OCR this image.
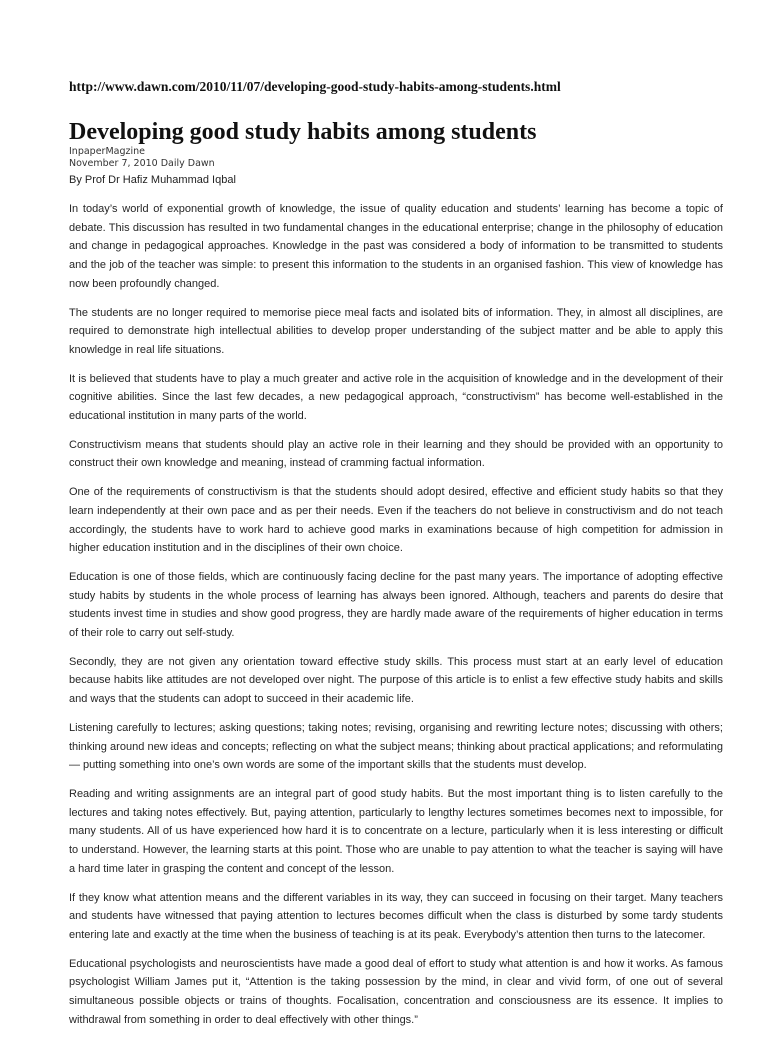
http://www.dawn.com/2010/11/07/developing-good-study-habits-among-students.html
Developing good study habits among students
InpaperMagzine
November 7, 2010 Daily Dawn
By Prof Dr Hafiz Muhammad Iqbal

In today’s world of exponential growth of knowledge, the issue of quality education and students’ learning has become a topic of debate. This discussion has resulted in two fundamental changes in the educational enterprise; change in the philosophy of education and change in pedagogical approaches. Knowledge in the past was considered a body of information to be transmitted to students and the job of the teacher was simple: to present this information to the students in an organised fashion. This view of knowledge has now been profoundly changed.

The students are no longer required to memorise piece meal facts and isolated bits of information. They, in almost all disciplines, are required to demonstrate high intellectual abilities to develop proper understanding of the subject matter and be able to apply this knowledge in real life situations.

It is believed that students have to play a much greater and active role in the acquisition of knowledge and in the development of their cognitive abilities. Since the last few decades, a new pedagogical approach, “constructivism” has become well-established in the educational institution in many parts of the world.

Constructivism means that students should play an active role in their learning and they should be provided with an opportunity to construct their own knowledge and meaning, instead of cramming factual information.

One of the requirements of constructivism is that the students should adopt desired, effective and efficient study habits so that they learn independently at their own pace and as per their needs. Even if the teachers do not believe in constructivism and do not teach accordingly, the students have to work hard to achieve good marks in examinations because of high competition for admission in higher education institution and in the disciplines of their own choice.

Education is one of those fields, which are continuously facing decline for the past many years. The importance of adopting effective study habits by students in the whole process of learning has always been ignored. Although, teachers and parents do desire that students invest time in studies and show good progress, they are hardly made aware of the requirements of higher education in terms of their role to carry out self-study.

Secondly, they are not given any orientation toward effective study skills. This process must start at an early level of education because habits like attitudes are not developed over night. The purpose of this article is to enlist a few effective study habits and skills and ways that the students can adopt to succeed in their academic life.

Listening carefully to lectures; asking questions; taking notes; revising, organising and rewriting lecture notes; discussing with others; thinking around new ideas and concepts; reflecting on what the subject means; thinking about practical applications; and reformulating — putting something into one’s own words are some of the important skills that the students must develop.

Reading and writing assignments are an integral part of good study habits. But the most important thing is to listen carefully to the lectures and taking notes effectively. But, paying attention, particularly to lengthy lectures sometimes becomes next to impossible, for many students. All of us have experienced how hard it is to concentrate on a lecture, particularly when it is less interesting or difficult to understand. However, the learning starts at this point. Those who are unable to pay attention to what the teacher is saying will have a hard time later in grasping the content and concept of the lesson.

If they know what attention means and the different variables in its way, they can succeed in focusing on their target. Many teachers and students have witnessed that paying attention to lectures becomes difficult when the class is disturbed by some tardy students entering late and exactly at the time when the business of teaching is at its peak. Everybody’s attention then turns to the latecomer.

Educational psychologists and neuroscientists have made a good deal of effort to study what attention is and how it works. As famous psychologist William James put it, “Attention is the taking possession by the mind, in clear and vivid form, of one out of several simultaneous possible objects or trains of thoughts. Focalisation, concentration and consciousness are its essence. It implies to withdrawal from something in order to deal effectively with other things.”
